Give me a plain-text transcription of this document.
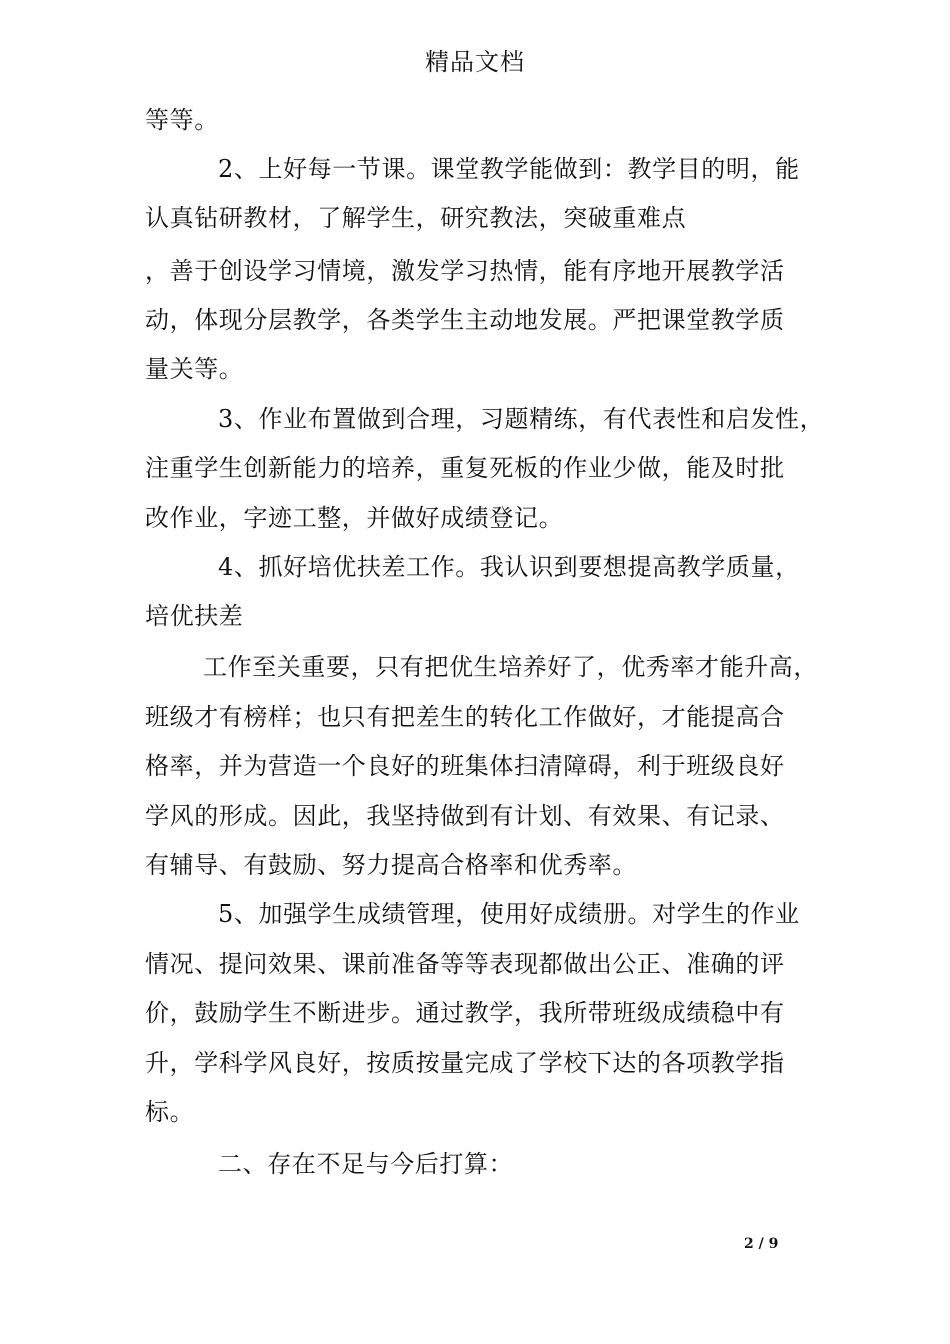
精品文档
等等。
2、上好每一节课。课堂教学能做到：教学目的明，能
认真钻研教材，了解学生，研究教法，突破重难点
，善于创设学习情境，激发学习热情，能有序地开展教学活
动，体现分层教学，各类学生主动地发展。严把课堂教学质
量关等。
3、作业布置做到合理，习题精练，有代表性和启发性，
注重学生创新能力的培养，重复死板的作业少做，能及时批
改作业，字迹工整，并做好成绩登记。
4、抓好培优扶差工作。我认识到要想提高教学质量，
培优扶差
工作至关重要，只有把优生培养好了，优秀率才能升高，
班级才有榜样；也只有把差生的转化工作做好，才能提高合
格率，并为营造一个良好的班集体扫清障碍，利于班级良好
学风的形成。因此，我坚持做到有计划、有效果、有记录、
有辅导、有鼓励、努力提高合格率和优秀率。
5、加强学生成绩管理，使用好成绩册。对学生的作业
情况、提问效果、课前准备等等表现都做出公正、准确的评
价，鼓励学生不断进步。通过教学，我所带班级成绩稳中有
升，学科学风良好，按质按量完成了学校下达的各项教学指
标。
二、存在不足与今后打算：
2 / 9
